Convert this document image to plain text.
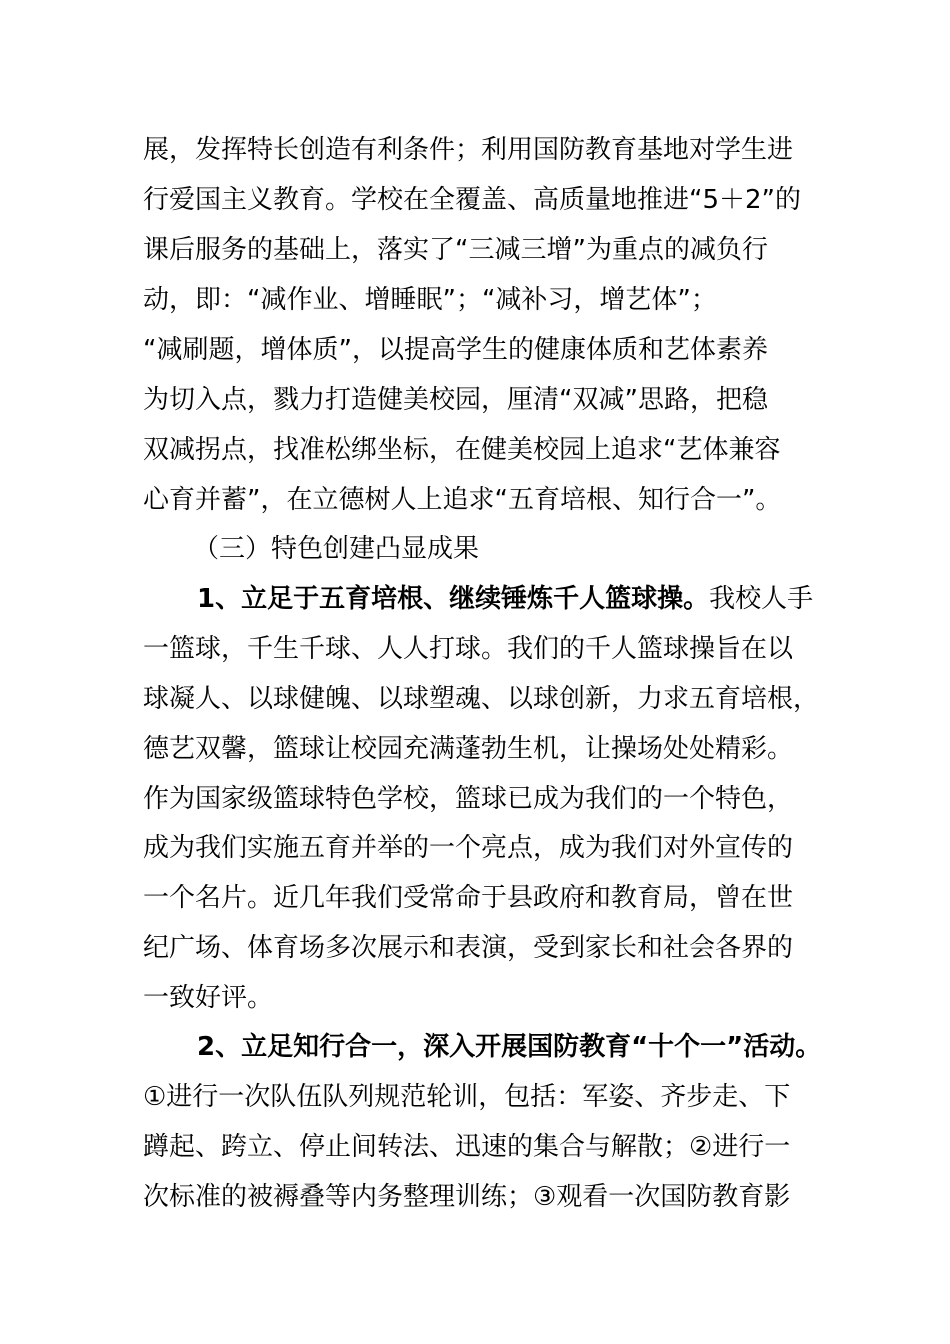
展，发挥特长创造有利条件；利用国防教育基地对学生进
行爱国主义教育。学校在全覆盖、高质量地推进“5＋2”的
课后服务的基础上，落实了“三减三增”为重点的减负行
动，即：“减作业、增睡眠”；“减补习，增艺体”；
“减刷题，增体质”，以提高学生的健康体质和艺体素养
为切入点，戮力打造健美校园，厘清“双减”思路，把稳
双减拐点，找准松绑坐标，在健美校园上追求“艺体兼容
心育并蓄”，在立德树人上追求“五育培根、知行合一”。
（三）特色创建凸显成果
1、立足于五育培根、继续锤炼千人篮球操。我校人手
一篮球，千生千球、人人打球。我们的千人篮球操旨在以
球凝人、以球健魄、以球塑魂、以球创新，力求五育培根，
德艺双馨，篮球让校园充满蓬勃生机，让操场处处精彩。
作为国家级篮球特色学校，篮球已成为我们的一个特色，
成为我们实施五育并举的一个亮点，成为我们对外宣传的
一个名片。近几年我们受常命于县政府和教育局，曾在世
纪广场、体育场多次展示和表演，受到家长和社会各界的
一致好评。
2、立足知行合一，深入开展国防教育“十个一”活动。
①进行一次队伍队列规范轮训，包括：军姿、齐步走、下
蹲起、跨立、停止间转法、迅速的集合与解散；②进行一
次标准的被褥叠等内务整理训练；③观看一次国防教育影
